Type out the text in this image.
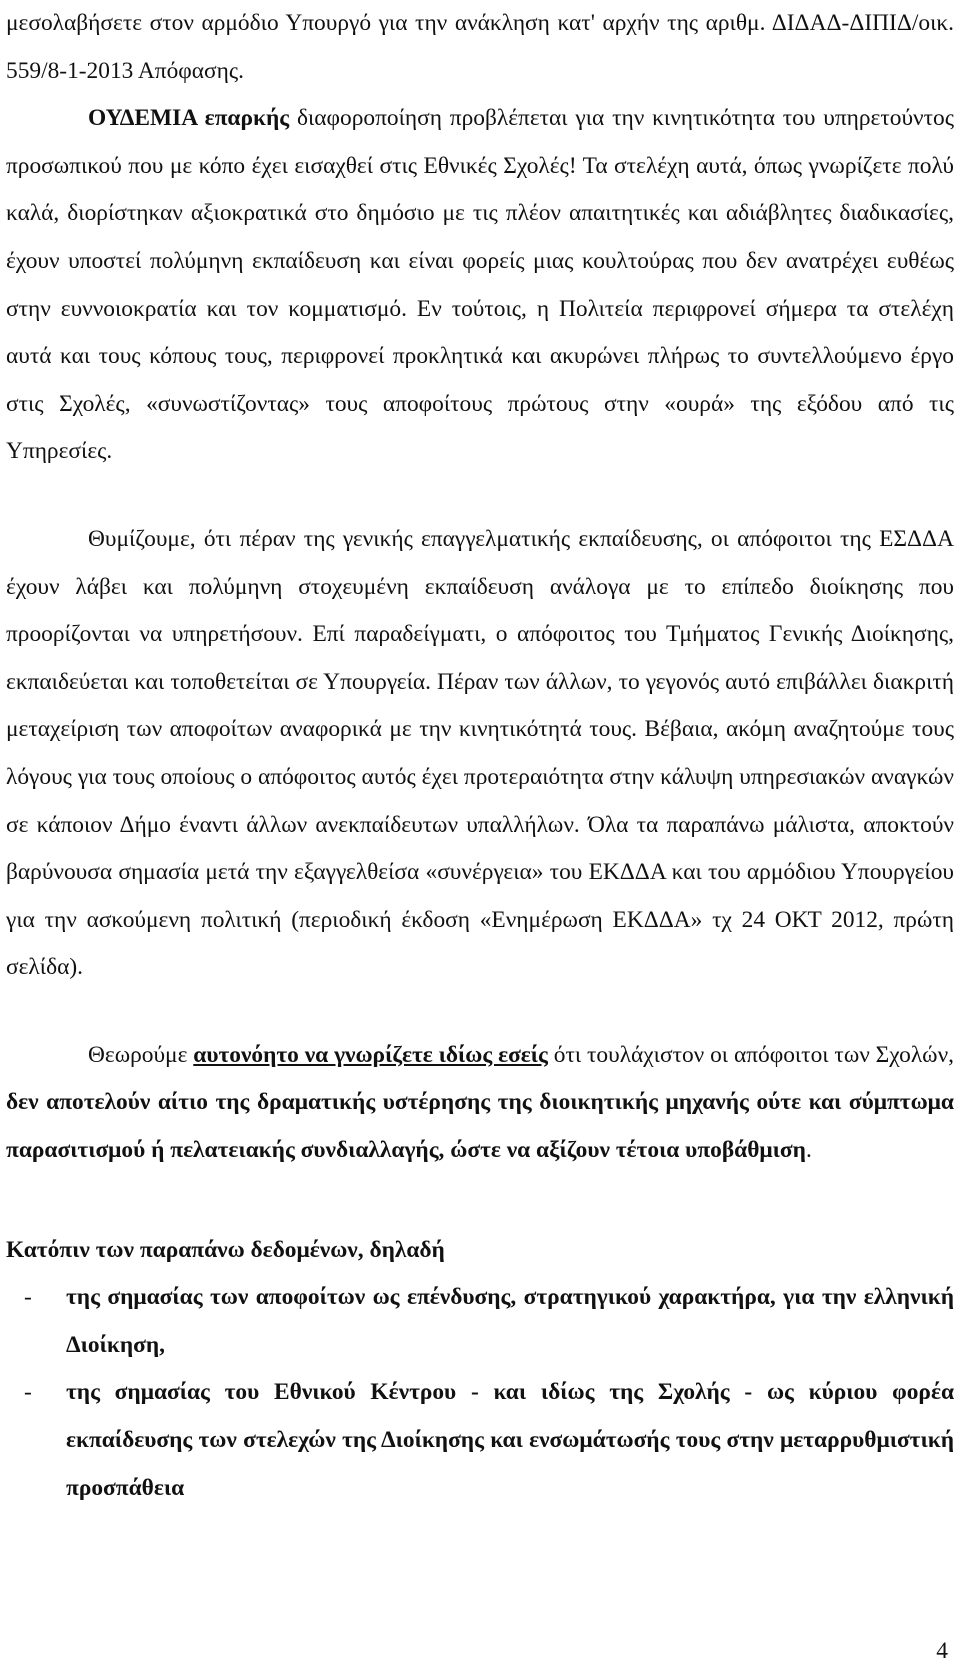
μεσολαβήσετε στον αρμόδιο Υπουργό για την ανάκληση κατ' αρχήν της αριθμ. ΔΙΔΑΔ-ΔΙΠΙΔ/οικ. 559/8-1-2013 Απόφασης.
ΟΥΔΕΜΙΑ επαρκής διαφοροποίηση προβλέπεται για την κινητικότητα του υπηρετούντος προσωπικού που με κόπο έχει εισαχθεί στις Εθνικές Σχολές! Τα στελέχη αυτά, όπως γνωρίζετε πολύ καλά, διορίστηκαν αξιοκρατικά στο δημόσιο με τις πλέον απαιτητικές και αδιάβλητες διαδικασίες, έχουν υποστεί πολύμηνη εκπαίδευση και είναι φορείς μιας κουλτούρας που δεν ανατρέχει ευθέως στην ευννοιοκρατία και τον κομματισμό. Εν τούτοις, η Πολιτεία περιφρονεί σήμερα τα στελέχη αυτά και τους κόπους τους, περιφρονεί προκλητικά και ακυρώνει πλήρως το συντελλούμενο έργο στις Σχολές, «συνωστίζοντας» τους αποφοίτους πρώτους στην «ουρά» της εξόδου από τις Υπηρεσίες.

Θυμίζουμε, ότι πέραν της γενικής επαγγελματικής εκπαίδευσης, οι απόφοιτοι της ΕΣΔΔΑ έχουν λάβει και πολύμηνη στοχευμένη εκπαίδευση ανάλογα με το επίπεδο διοίκησης που προορίζονται να υπηρετήσουν. Επί παραδείγματι, ο απόφοιτος του Τμήματος Γενικής Διοίκησης, εκπαιδεύεται και τοποθετείται σε Υπουργεία. Πέραν των άλλων, το γεγονός αυτό επιβάλλει διακριτή μεταχείριση των αποφοίτων αναφορικά με την κινητικότητά τους. Βέβαια, ακόμη αναζητούμε τους λόγους για τους οποίους ο απόφοιτος αυτός έχει προτεραιότητα στην κάλυψη υπηρεσιακών αναγκών σε κάποιον Δήμο έναντι άλλων ανεκπαίδευτων υπαλλήλων. Όλα τα παραπάνω μάλιστα, αποκτούν βαρύνουσα σημασία μετά την εξαγγελθείσα «συνέργεια» του ΕΚΔΔΑ και του αρμόδιου Υπουργείου για την ασκούμενη πολιτική (περιοδική έκδοση «Ενημέρωση ΕΚΔΔΑ» τχ 24 ΟΚΤ 2012, πρώτη σελίδα).

Θεωρούμε αυτονόητο να γνωρίζετε ιδίως εσείς ότι τουλάχιστον οι απόφοιτοι των Σχολών, δεν αποτελούν αίτιο της δραματικής υστέρησης της διοικητικής μηχανής ούτε και σύμπτωμα παρασιτισμού ή πελατειακής συνδιαλλαγής, ώστε να αξίζουν τέτοια υποβάθμιση.

Κατόπιν των παραπάνω δεδομένων, δηλαδή
- της σημασίας των αποφοίτων ως επένδυσης, στρατηγικού χαρακτήρα, για την ελληνική Διοίκηση,
- της σημασίας του Εθνικού Κέντρου - και ιδίως της Σχολής - ως κύριου φορέα εκπαίδευσης των στελεχών της Διοίκησης και ενσωμάτωσής τους στην μεταρρυθμιστική προσπάθεια
4
